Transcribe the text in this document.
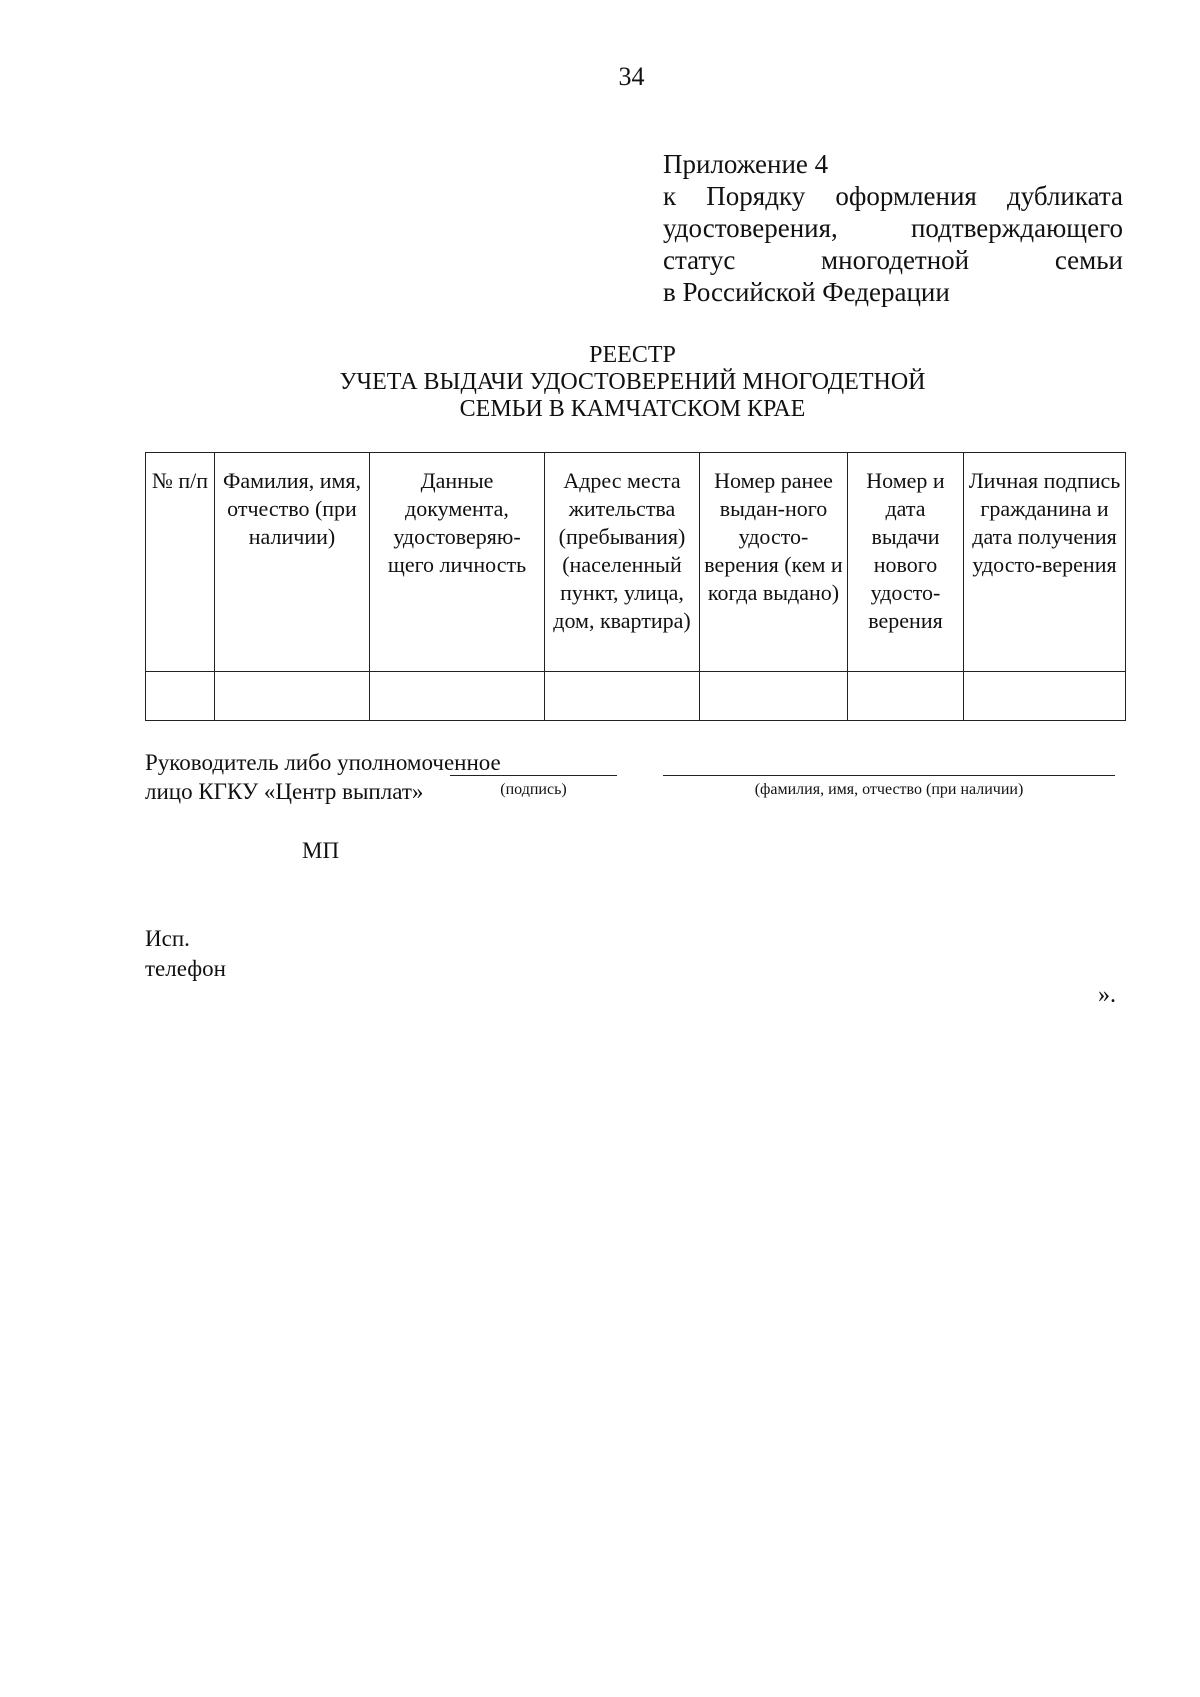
34
Приложение 4
к Порядку оформления дубликата
удостоверения, подтверждающего
статус многодетной семьи
в Российской Федерации
РЕЕСТР
УЧЕТА ВЫДАЧИ УДОСТОВЕРЕНИЙ МНОГОДЕТНОЙ
СЕМЬИ В КАМЧАТСКОМ КРАЕ
№ п/п	Фамилия, имя, отчество (при наличии)	Данные документа, удостоверяю-щего личность	Адрес места жительства (пребывания) (населенный пункт, улица, дом, квартира)	Номер ранее выдан-ного удосто-верения (кем и когда выдано)	Номер и дата выдачи нового удосто-верения	Личная подпись гражданина и дата получения удосто-верения

Руководитель либо уполномоченное
лицо КГКУ «Центр выплат»	(подпись)	(фамилия, имя, отчество (при наличии)
МП
Исп.
телефон
».
